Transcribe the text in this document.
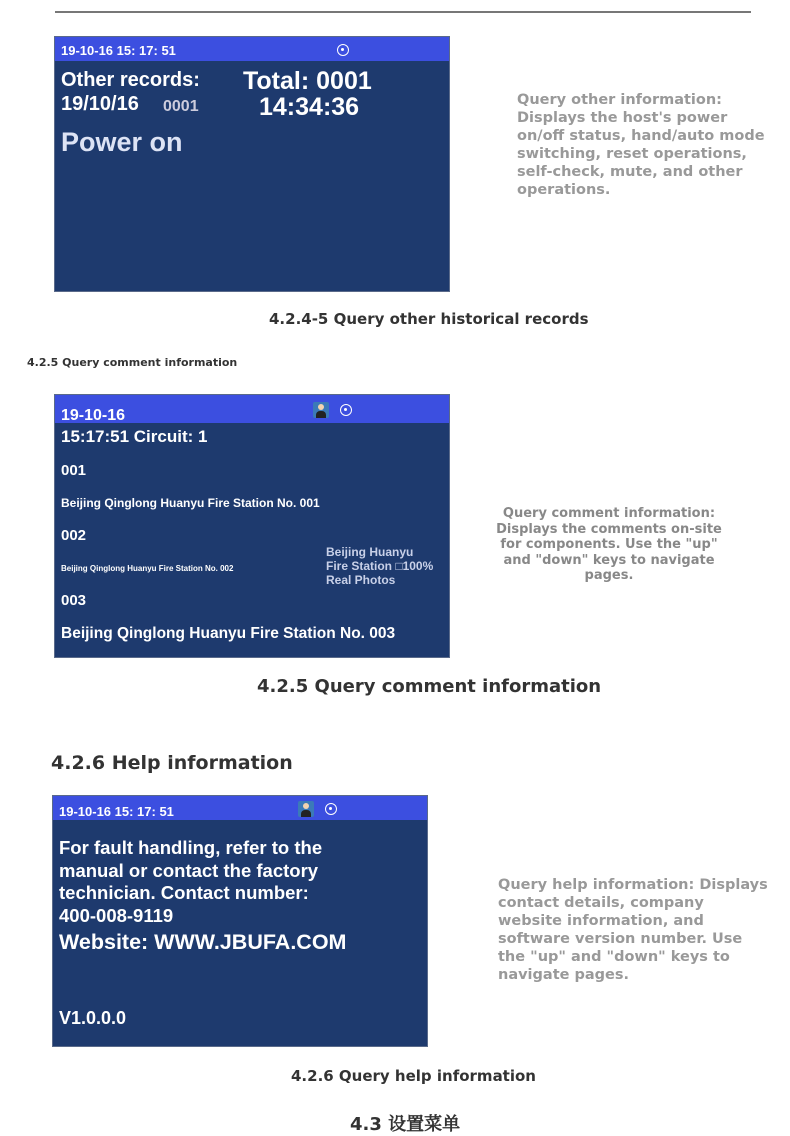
19-10-16 15: 17: 51
Other records: Total: 0001
19/10/16 0001 14:34:36
Power on
Query other information: Displays the host's power on/off status, hand/auto mode switching, reset operations, self-check, mute, and other operations.
4.2.4-5 Query other historical records
4.2.5 Query comment information
19-10-16
15:17:51 Circuit: 1
001
Beijing Qinglong Huanyu Fire Station No. 001
002
Beijing Qinglong Huanyu Fire Station No. 002
003
Beijing Qinglong Huanyu Fire Station No. 003
Beijing Huanyu
Fire Station □100%
Real Photos
Query comment information: Displays the comments on-site for components. Use the "up" and "down" keys to navigate pages.
4.2.5 Query comment information
4.2.6 Help information
19-10-16 15: 17: 51
For fault handling, refer to the manual or contact the factory technician. Contact number: 400-008-9119
Website: WWW.JBUFA.COM
V1.0.0.0
Query help information: Displays contact details, company website information, and software version number. Use the "up" and "down" keys to navigate pages.
4.2.6 Query help information
4.3 设置菜单
